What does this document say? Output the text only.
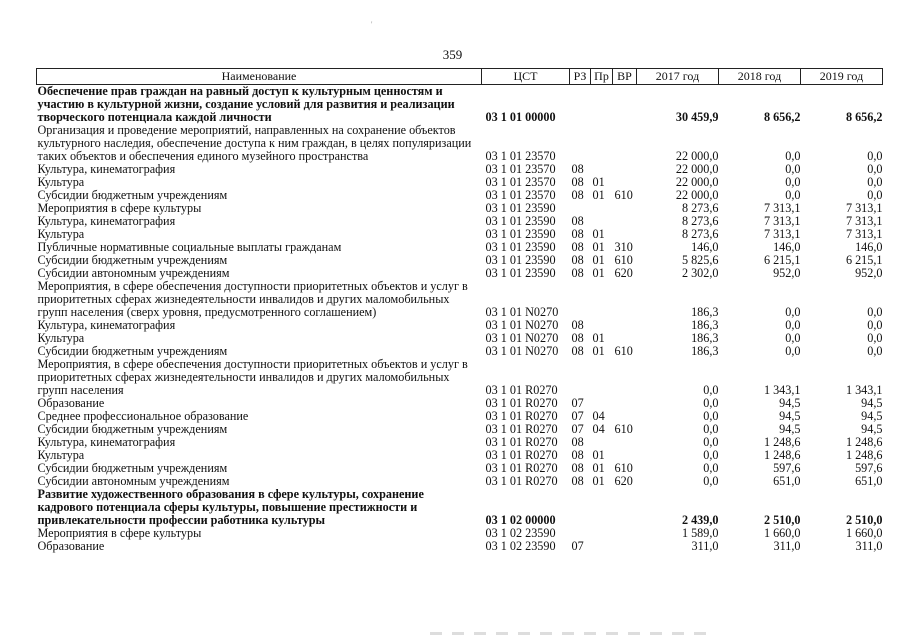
'
359
Наименование	ЦСТ	РЗ	Пр	ВР	2017 год	2018 год	2019 год
Обеспечение прав граждан на равный доступ к культурным ценностям и участию в культурной жизни, создание условий для развития и реализации творческого потенциала каждой личности	03 1 01 00000				30 459,9	8 656,2	8 656,2
Организация и проведение мероприятий, направленных на сохранение объектов культурного наследия, обеспечение доступа к ним граждан, в целях популяризации таких объектов и обеспечения единого музейного пространства	03 1 01 23570				22 000,0	0,0	0,0
Культура, кинематография	03 1 01 23570	08			22 000,0	0,0	0,0
Культура	03 1 01 23570	08	01		22 000,0	0,0	0,0
Субсидии бюджетным учреждениям	03 1 01 23570	08	01	610	22 000,0	0,0	0,0
Мероприятия в сфере культуры	03 1 01 23590				8 273,6	7 313,1	7 313,1
Культура, кинематография	03 1 01 23590	08			8 273,6	7 313,1	7 313,1
Культура	03 1 01 23590	08	01		8 273,6	7 313,1	7 313,1
Публичные нормативные социальные выплаты гражданам	03 1 01 23590	08	01	310	146,0	146,0	146,0
Субсидии бюджетным учреждениям	03 1 01 23590	08	01	610	5 825,6	6 215,1	6 215,1
Субсидии автономным учреждениям	03 1 01 23590	08	01	620	2 302,0	952,0	952,0
Мероприятия, в сфере обеспечения доступности приоритетных объектов и услуг в приоритетных сферах жизнедеятельности инвалидов и других маломобильных групп населения (сверх уровня, предусмотренного соглашением)	03 1 01 N0270				186,3	0,0	0,0
Культура, кинематография	03 1 01 N0270	08			186,3	0,0	0,0
Культура	03 1 01 N0270	08	01		186,3	0,0	0,0
Субсидии бюджетным учреждениям	03 1 01 N0270	08	01	610	186,3	0,0	0,0
Мероприятия, в сфере обеспечения доступности приоритетных объектов и услуг в приоритетных сферах жизнедеятельности инвалидов и других маломобильных групп населения	03 1 01 R0270				0,0	1 343,1	1 343,1
Образование	03 1 01 R0270	07			0,0	94,5	94,5
Среднее профессиональное образование	03 1 01 R0270	07	04		0,0	94,5	94,5
Субсидии бюджетным учреждениям	03 1 01 R0270	07	04	610	0,0	94,5	94,5
Культура, кинематография	03 1 01 R0270	08			0,0	1 248,6	1 248,6
Культура	03 1 01 R0270	08	01		0,0	1 248,6	1 248,6
Субсидии бюджетным учреждениям	03 1 01 R0270	08	01	610	0,0	597,6	597,6
Субсидии автономным учреждениям	03 1 01 R0270	08	01	620	0,0	651,0	651,0
Развитие художественного образования в сфере культуры, сохранение кадрового потенциала сферы культуры, повышение престижности и привлекательности профессии работника культуры	03 1 02 00000				2 439,0	2 510,0	2 510,0
Мероприятия в сфере культуры	03 1 02 23590				1 589,0	1 660,0	1 660,0
Образование	03 1 02 23590	07			311,0	311,0	311,0
